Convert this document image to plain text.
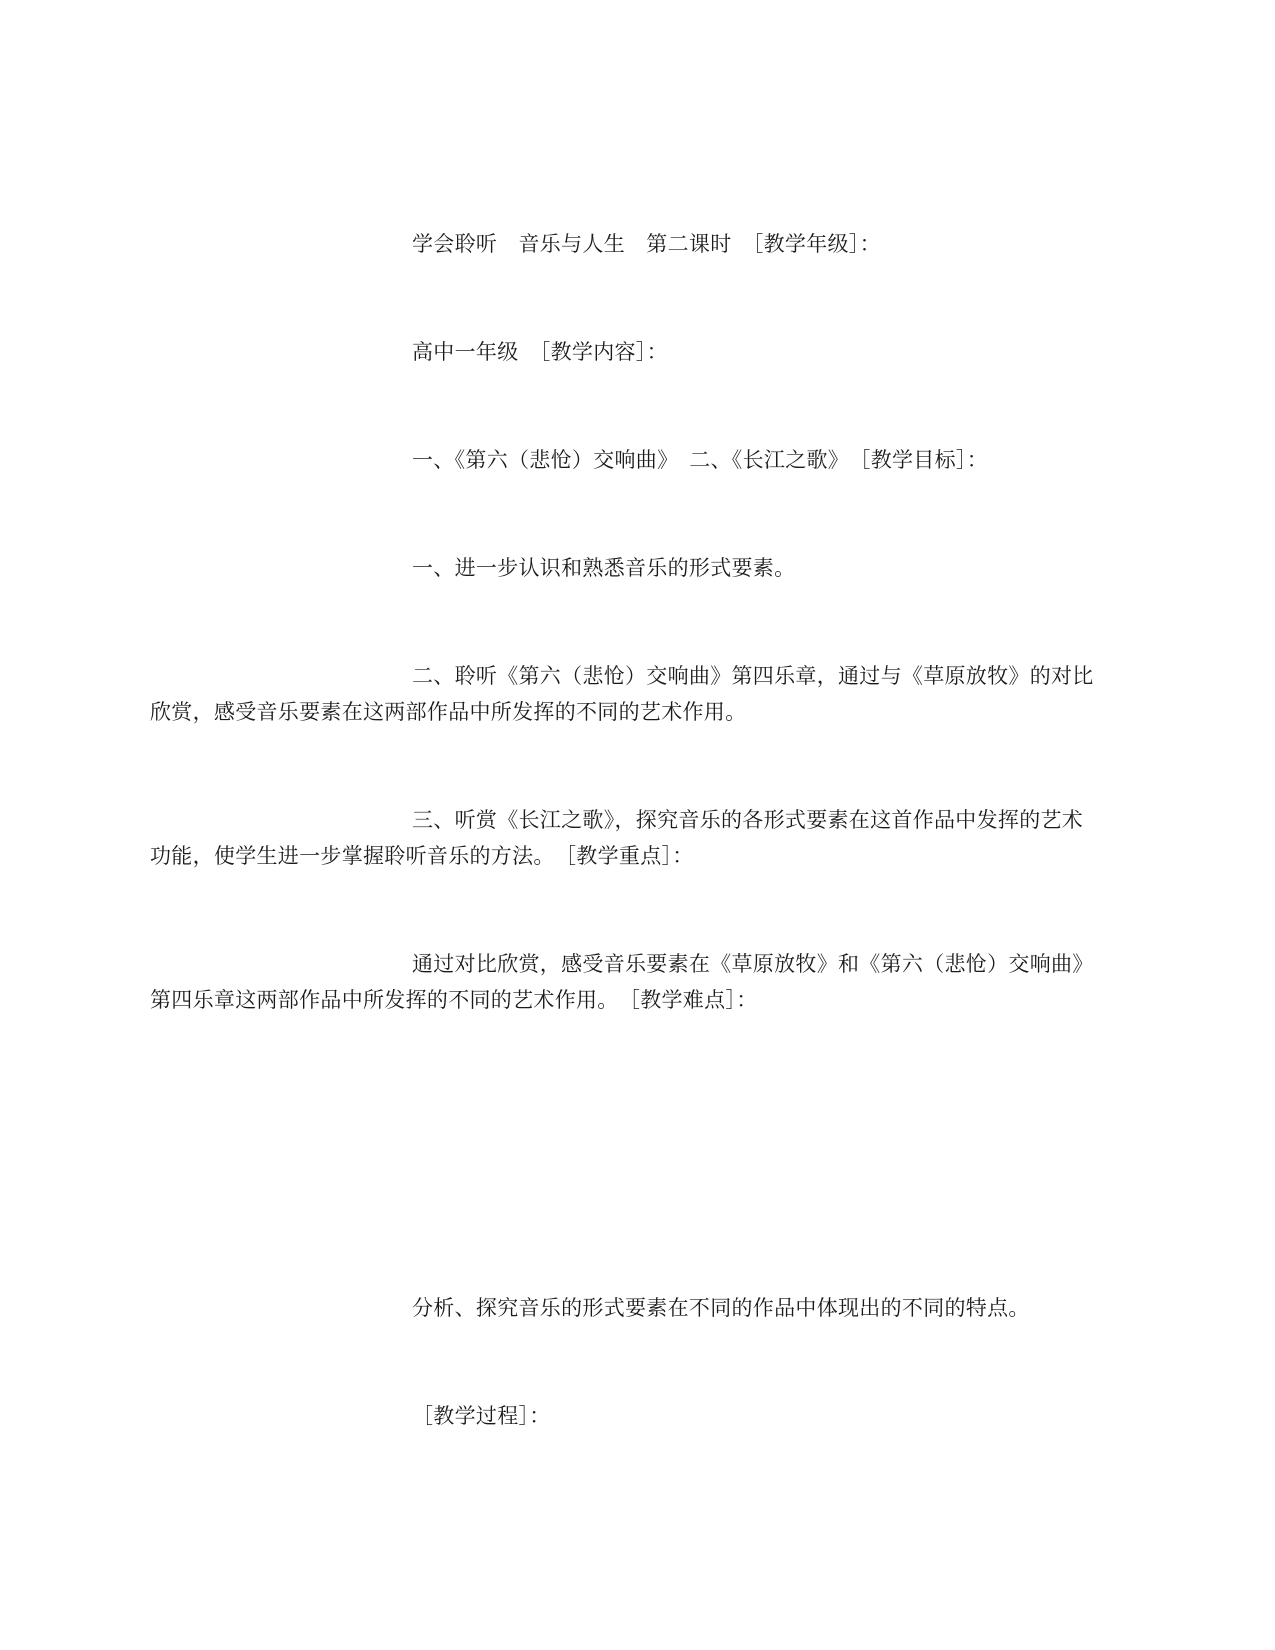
学会聆听　音乐与人生　第二课时　［教学年级］：
高中一年级　［教学内容］：
一、《第六（悲怆）交响曲》　二、《长江之歌》　［教学目标］：
一、进一步认识和熟悉音乐的形式要素。
二、聆听《第六（悲怆）交响曲》第四乐章，通过与《草原放牧》的对比
欣赏，感受音乐要素在这两部作品中所发挥的不同的艺术作用。
三、听赏《长江之歌》，探究音乐的各形式要素在这首作品中发挥的艺术
功能，使学生进一步掌握聆听音乐的方法。　［教学重点］：
通过对比欣赏，感受音乐要素在《草原放牧》和《第六（悲怆）交响曲》
第四乐章这两部作品中所发挥的不同的艺术作用。　［教学难点］：
分析、探究音乐的形式要素在不同的作品中体现出的不同的特点。
［教学过程］：
